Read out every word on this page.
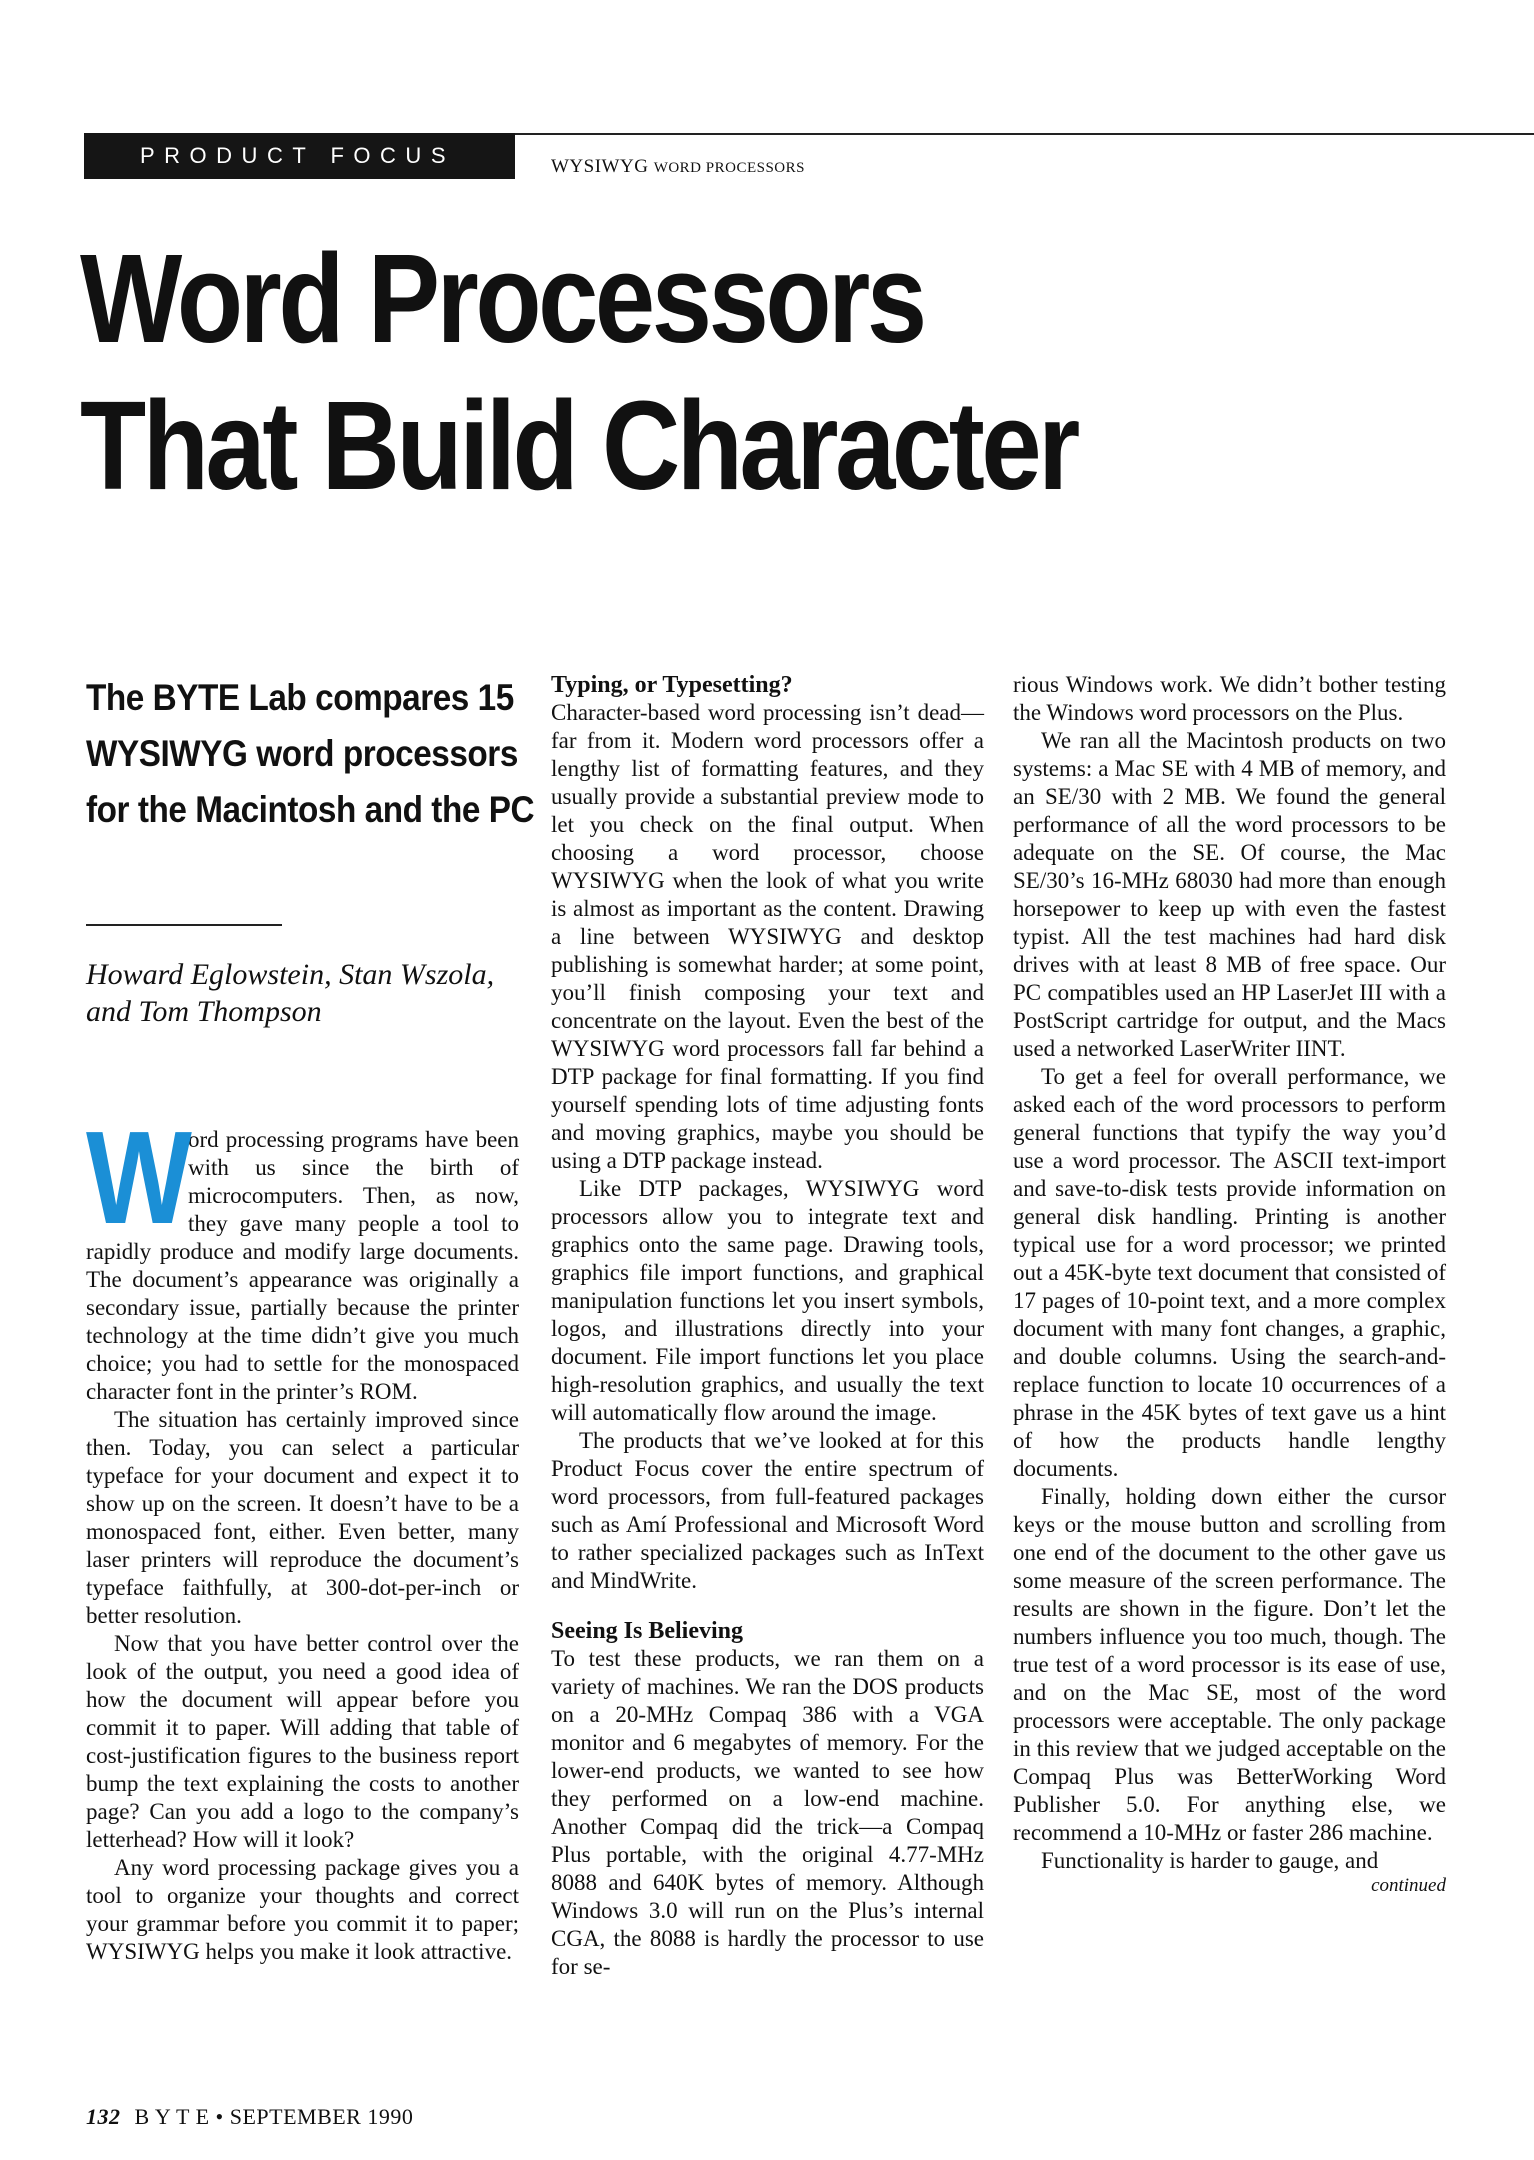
PRODUCT FOCUS	WYSIWYG WORD PROCESSORS
Word Processors
That Build Character
The BYTE Lab compares 15 WYSIWYG word processors for the Macintosh and the PC

Howard Eglowstein, Stan Wszola, and Tom Thompson

W
ord processing programs have been with us since the birth of microcomputers. Then, as now, they gave many people a tool to rapidly produce and modify large documents. The document’s appearance was originally a secondary issue, partially because the printer technology at the time didn’t give you much choice; you had to settle for the monospaced character font in the printer’s ROM.

The situation has certainly improved since then. Today, you can select a particular typeface for your document and expect it to show up on the screen. It doesn’t have to be a monospaced font, either. Even better, many laser printers will reproduce the document’s typeface faithfully, at 300-dot-per-inch or better resolution.

Now that you have better control over the look of the output, you need a good idea of how the document will appear before you commit it to paper. Will adding that table of cost-justification figures to the business report bump the text explaining the costs to another page? Can you add a logo to the company’s letterhead? How will it look?

Any word processing package gives you a tool to organize your thoughts and correct your grammar before you commit it to paper; WYSIWYG helps you make it look attractive.

Typing, or Typesetting?

Character-based word processing isn’t dead—far from it. Modern word processors offer a lengthy list of formatting features, and they usually provide a substantial preview mode to let you check on the final output. When choosing a word processor, choose WYSIWYG when the look of what you write is almost as important as the content. Drawing a line between WYSIWYG and desktop publishing is somewhat harder; at some point, you’ll finish composing your text and concentrate on the layout. Even the best of the WYSIWYG word processors fall far behind a DTP package for final formatting. If you find yourself spending lots of time adjusting fonts and moving graphics, maybe you should be using a DTP package instead.

Like DTP packages, WYSIWYG word processors allow you to integrate text and graphics onto the same page. Drawing tools, graphics file import functions, and graphical manipulation functions let you insert symbols, logos, and illustrations directly into your document. File import functions let you place high-resolution graphics, and usually the text will automatically flow around the image.

The products that we’ve looked at for this Product Focus cover the entire spectrum of word processors, from full-featured packages such as Amí Professional and Microsoft Word to rather specialized packages such as InText and MindWrite.

Seeing Is Believing

To test these products, we ran them on a variety of machines. We ran the DOS products on a 20-MHz Compaq 386 with a VGA monitor and 6 megabytes of memory. For the lower-end products, we wanted to see how they performed on a low-end machine. Another Compaq did the trick—a Compaq Plus portable, with the original 4.77-MHz 8088 and 640K bytes of memory. Although Windows 3.0 will run on the Plus’s internal CGA, the 8088 is hardly the processor to use for se-

rious Windows work. We didn’t bother testing the Windows word processors on the Plus.

We ran all the Macintosh products on two systems: a Mac SE with 4 MB of memory, and an SE/30 with 2 MB. We found the general performance of all the word processors to be adequate on the SE. Of course, the Mac SE/30’s 16-MHz 68030 had more than enough horsepower to keep up with even the fastest typist. All the test machines had hard disk drives with at least 8 MB of free space. Our PC compatibles used an HP LaserJet III with a PostScript cartridge for output, and the Macs used a networked LaserWriter IINT.

To get a feel for overall performance, we asked each of the word processors to perform general functions that typify the way you’d use a word processor. The ASCII text-import and save-to-disk tests provide information on general disk handling. Printing is another typical use for a word processor; we printed out a 45K-byte text document that consisted of 17 pages of 10-point text, and a more complex document with many font changes, a graphic, and double columns. Using the search-and-replace function to locate 10 occurrences of a phrase in the 45K bytes of text gave us a hint of how the products handle lengthy documents.

Finally, holding down either the cursor keys or the mouse button and scrolling from one end of the document to the other gave us some measure of the screen performance. The results are shown in the figure. Don’t let the numbers influence you too much, though. The true test of a word processor is its ease of use, and on the Mac SE, most of the word processors were acceptable. The only package in this review that we judged acceptable on the Compaq Plus was BetterWorking Word Publisher 5.0. For anything else, we recommend a 10-MHz or faster 286 machine.

Functionality is harder to gauge, and

continued
132 B Y T E • SEPTEMBER 1990
